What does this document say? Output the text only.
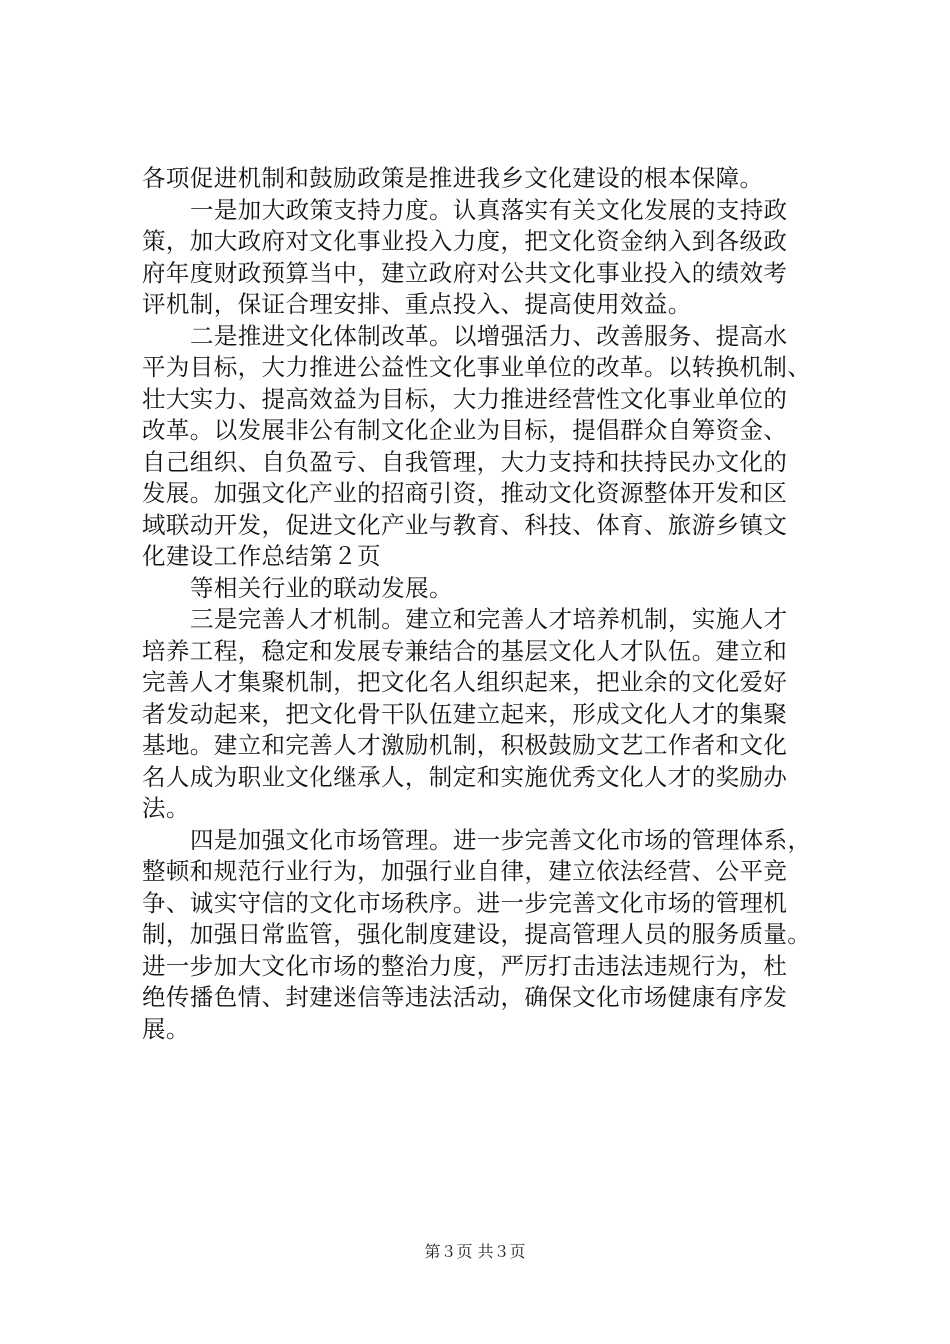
各项促进机制和鼓励政策是推进我乡文化建设的根本保障。
一是加大政策支持力度。认真落实有关文化发展的支持政
策，加大政府对文化事业投入力度，把文化资金纳入到各级政
府年度财政预算当中，建立政府对公共文化事业投入的绩效考
评机制，保证合理安排、重点投入、提高使用效益。
二是推进文化体制改革。以增强活力、改善服务、提高水
平为目标，大力推进公益性文化事业单位的改革。以转换机制、
壮大实力、提高效益为目标，大力推进经营性文化事业单位的
改革。以发展非公有制文化企业为目标，提倡群众自筹资金、
自己组织、自负盈亏、自我管理，大力支持和扶持民办文化的
发展。加强文化产业的招商引资，推动文化资源整体开发和区
域联动开发，促进文化产业与教育、科技、体育、旅游乡镇文
化建设工作总结第２页
等相关行业的联动发展。
三是完善人才机制。建立和完善人才培养机制，实施人才
培养工程，稳定和发展专兼结合的基层文化人才队伍。建立和
完善人才集聚机制，把文化名人组织起来，把业余的文化爱好
者发动起来，把文化骨干队伍建立起来，形成文化人才的集聚
基地。建立和完善人才激励机制，积极鼓励文艺工作者和文化
名人成为职业文化继承人，制定和实施优秀文化人才的奖励办
法。
四是加强文化市场管理。进一步完善文化市场的管理体系，
整顿和规范行业行为，加强行业自律，建立依法经营、公平竞
争、诚实守信的文化市场秩序。进一步完善文化市场的管理机
制，加强日常监管，强化制度建设，提高管理人员的服务质量。
进一步加大文化市场的整治力度，严厉打击违法违规行为，杜
绝传播色情、封建迷信等违法活动，确保文化市场健康有序发
展。
第３页 共３页
